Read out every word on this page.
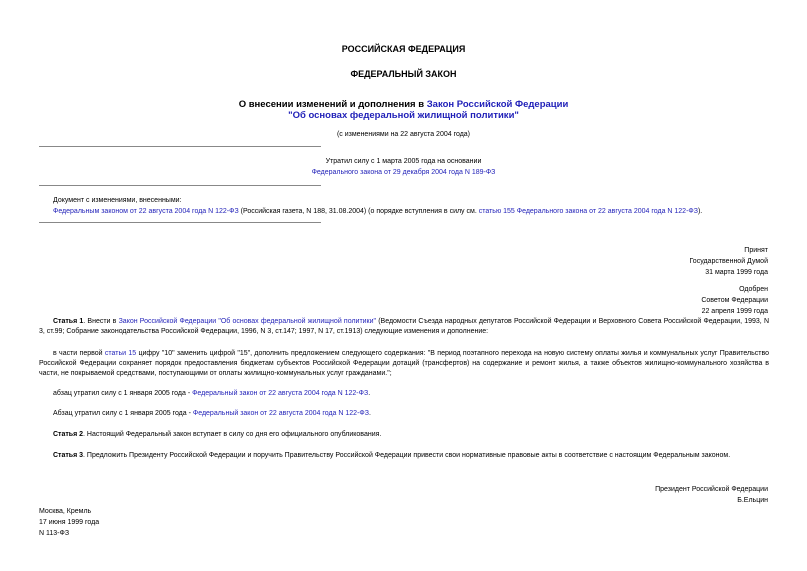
РОССИЙСКАЯ ФЕДЕРАЦИЯ
ФЕДЕРАЛЬНЫЙ ЗАКОН
О внесении изменений и дополнения в Закон Российской Федерации
"Об основах федеральной жилищной политики"
(с изменениями на 22 августа 2004 года)
Утратил силу с 1 марта 2005 года на основании
Федерального закона от 29 декабря 2004 года N 189-ФЗ
Документ с изменениями, внесенными:
Федеральным законом от 22 августа 2004 года N 122-ФЗ (Российская газета, N 188, 31.08.2004) (о порядке вступления в силу см. статью 155 Федерального закона от 22 августа 2004 года N 122-ФЗ).
Принят
Государственной Думой
31 марта 1999 года
Одобрен
Советом Федерации
22 апреля 1999 года
Статья 1. Внести в Закон Российской Федерации "Об основах федеральной жилищной политики" (Ведомости Съезда народных депутатов Российской Федерации и Верховного Совета Российской Федерации, 1993, N 3, ст.99; Собрание законодательства Российской Федерации, 1996, N 3, ст.147; 1997, N 17, ст.1913) следующие изменения и дополнение:
в части первой статьи 15 цифру "10" заменить цифрой "15", дополнить предложением следующего содержания: "В период поэтапного перехода на новую систему оплаты жилья и коммунальных услуг Правительство Российской Федерации сохраняет порядок предоставления бюджетам субъектов Российской Федерации дотаций (трансфертов) на содержание и ремонт жилья, а также объектов жилищно-коммунального хозяйства в части, не покрываемой средствами, поступающими от оплаты жилищно-коммунальных услуг гражданами.";
абзац утратил силу с 1 января 2005 года - Федеральный закон от 22 августа 2004 года N 122-ФЗ.
Абзац утратил силу с 1 января 2005 года - Федеральный закон от 22 августа 2004 года N 122-ФЗ.
Статья 2. Настоящий Федеральный закон вступает в силу со дня его официального опубликования.
Статья 3. Предложить Президенту Российской Федерации и поручить Правительству Российской Федерации привести свои нормативные правовые акты в соответствие с настоящим Федеральным законом.
Президент Российской Федерации
Б.Ельцин
Москва, Кремль
17 июня 1999 года
N 113-ФЗ
